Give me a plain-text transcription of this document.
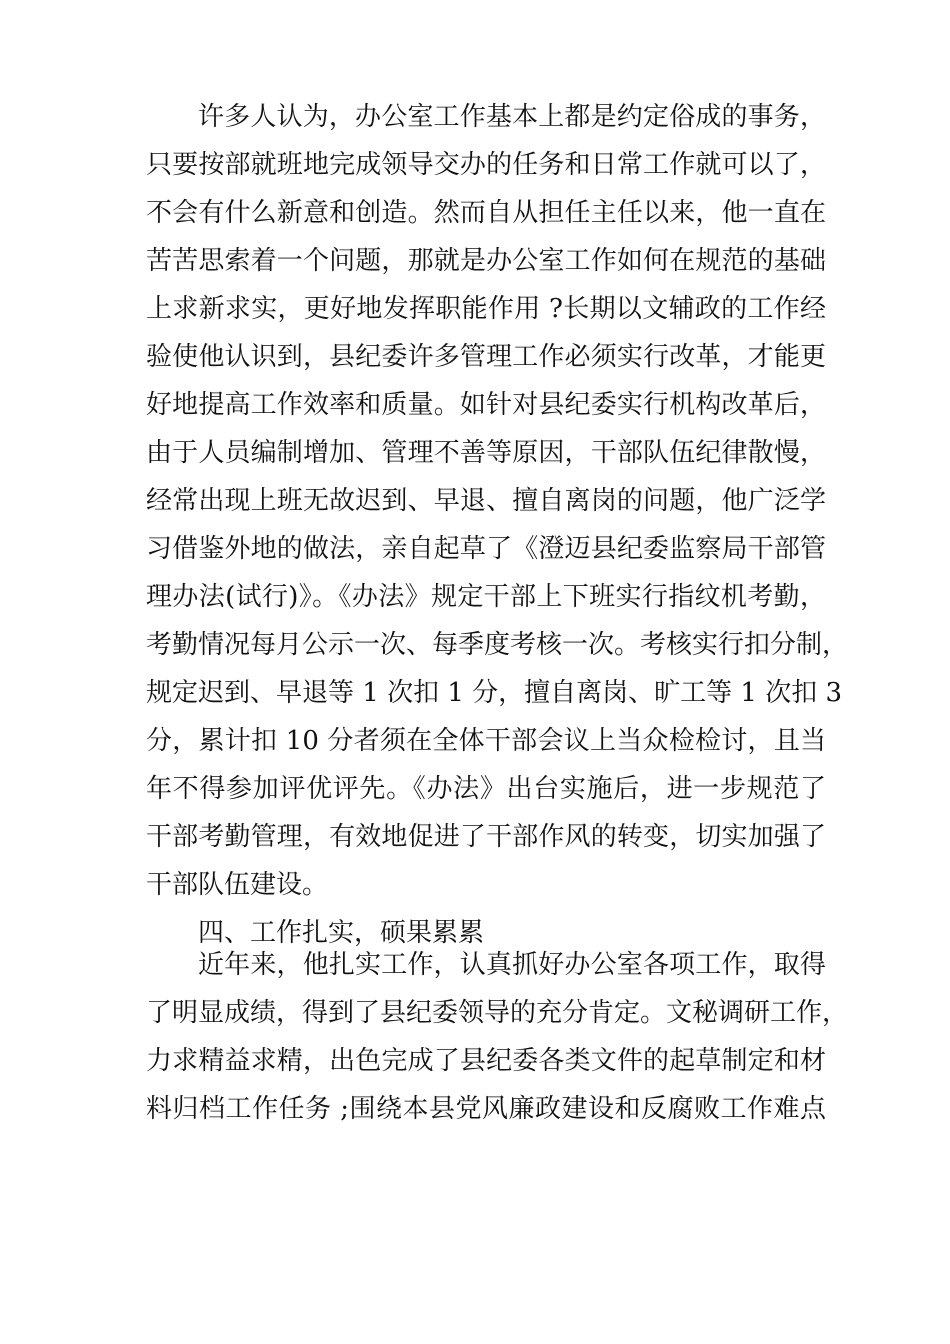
许多人认为，办公室工作基本上都是约定俗成的事务，
只要按部就班地完成领导交办的任务和日常工作就可以了，
不会有什么新意和创造。然而自从担任主任以来，他一直在
苦苦思索着一个问题，那就是办公室工作如何在规范的基础
上求新求实，更好地发挥职能作用 ?长期以文辅政的工作经
验使他认识到，县纪委许多管理工作必须实行改革，才能更
好地提高工作效率和质量。如针对县纪委实行机构改革后，
由于人员编制增加、管理不善等原因，干部队伍纪律散慢，
经常出现上班无故迟到、早退、擅自离岗的问题，他广泛学
习借鉴外地的做法，亲自起草了《澄迈县纪委监察局干部管
理办法(试行)》。《办法》规定干部上下班实行指纹机考勤，
考勤情况每月公示一次、每季度考核一次。考核实行扣分制，
规定迟到、早退等 1 次扣 1 分，擅自离岗、旷工等 1 次扣 3
分，累计扣 10 分者须在全体干部会议上当众检检讨，且当
年不得参加评优评先。《办法》出台实施后，进一步规范了
干部考勤管理，有效地促进了干部作风的转变，切实加强了
干部队伍建设。
四、工作扎实，硕果累累
近年来，他扎实工作，认真抓好办公室各项工作，取得
了明显成绩，得到了县纪委领导的充分肯定。文秘调研工作，
力求精益求精，出色完成了县纪委各类文件的起草制定和材
料归档工作任务 ;围绕本县党风廉政建设和反腐败工作难点
